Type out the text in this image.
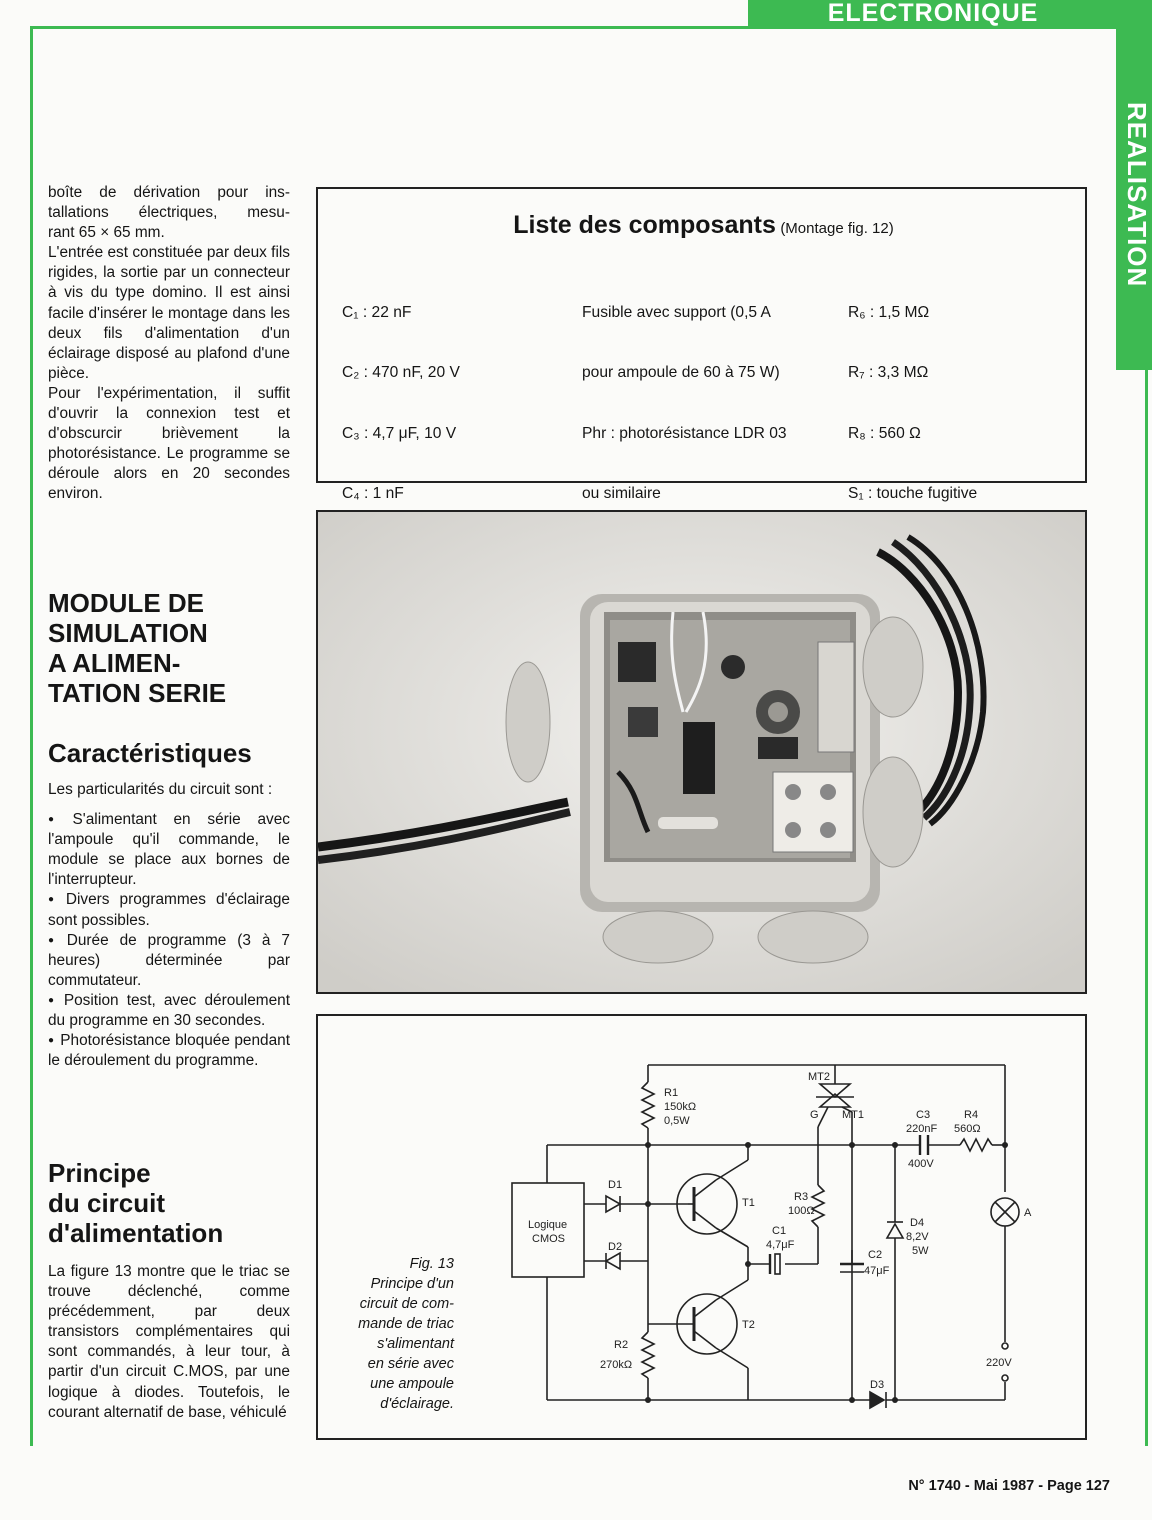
ELECTRONIQUE
REALISATION
boîte de dérivation pour ins-
tallations électriques, mesu-
rant 65 × 65 mm.

L'entrée est constituée par deux fils rigides, la sortie par un connecteur à vis du type domino. Il est ainsi facile d'insérer le montage dans les deux fils d'alimentation d'un éclairage disposé au plafond d'une pièce.

Pour l'expérimentation, il suffit d'ouvrir la connexion test et d'obscurcir brièvement la photorésistance. Le programme se déroule alors en 20 secondes environ.

MODULE DE
SIMULATION
A ALIMEN-
TATION SERIE
Caractéristiques

Les particularités du circuit sont :

● S'alimentant en série avec l'ampoule qu'il commande, le module se place aux bornes de l'interrupteur.

● Divers programmes d'éclairage sont possibles.

● Durée de programme (3 à 7 heures) déterminée par commutateur.

● Position test, avec déroulement du programme en 30 secondes.

● Photorésistance bloquée pendant le déroulement du programme.

Principe
du circuit
d'alimentation

La figure 13 montre que le triac se trouve déclenché, comme précédemment, par deux transistors complémentaires qui sont commandés, à leur tour, à partir d'un circuit C.MOS, par une logique à diodes. Toutefois, le courant alternatif de base, véhiculé

Liste des composants (Montage fig. 12)

C₁ : 22 nF

C₂ : 470 nF, 20 V

C₃ : 4,7 μF, 10 V

C₄ : 1 nF

Fusible avec support (0,5 A

pour ampoule de 60 à 75 W)

Phr : photorésistance LDR 03

ou similaire

R₆ : 1,5 MΩ

R₇ : 3,3 MΩ

R₈ : 560 Ω

S₁ : touche fugitive

R1
150kΩ
0,5W
R2
270kΩ
R3
100Ω
R4
560Ω
C1
4,7μF
C2
47μF
C3
220nF
400V
D1
D2
D3
D4
8,2V
5W
T1
T2
MT2
MT1
G
A
220V
Logique
CMOS
Fig. 13
Principe d'un
circuit de com-
mande de triac
s'alimentant
en série avec
une ampoule
d'éclairage.
N° 1740 - Mai 1987 - Page 127
